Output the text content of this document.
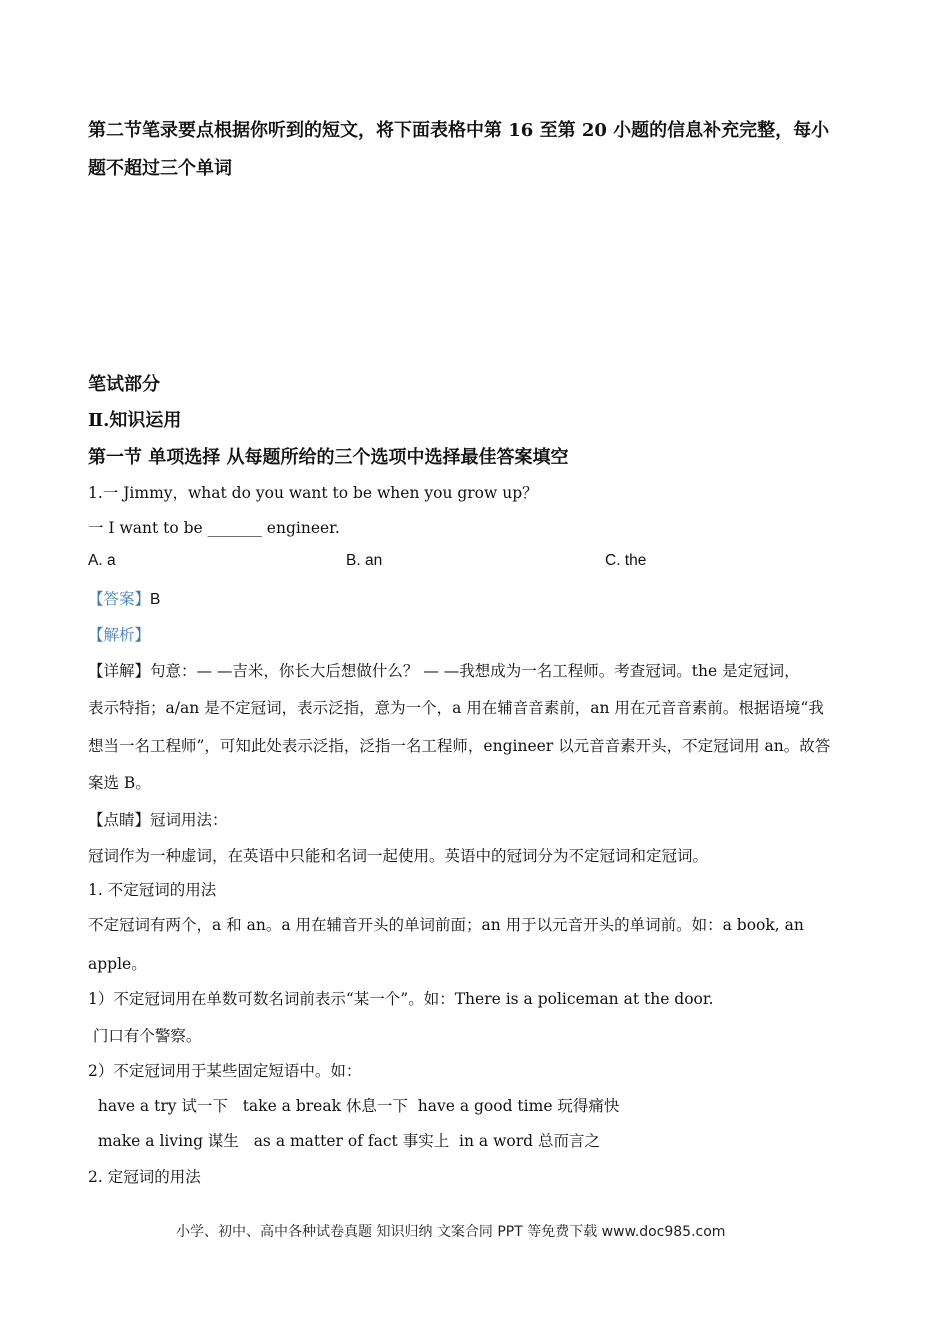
第二节笔录要点根据你听到的短文，将下面表格中第 16 至第 20 小题的信息补充完整，每小
题不超过三个单词
笔试部分
Ⅱ.知识运用
第一节 单项选择 从每题所给的三个选项中选择最佳答案填空
1.一 Jimmy，what do you want to be when you grow up？
一 I want to be _______ engineer.
A. a	B. an	C. the
【答案】B
【解析】
【详解】句意：— —吉米，你长大后想做什么？ — —我想成为一名工程师。考查冠词。the 是定冠词，
表示特指；a/an 是不定冠词，表示泛指，意为一个，a 用在辅音音素前，an 用在元音音素前。根据语境“我
想当一名工程师”，可知此处表示泛指，泛指一名工程师，engineer 以元音音素开头，不定冠词用 an。故答
案选 B。
【点睛】冠词用法：
冠词作为一种虚词，在英语中只能和名词一起使用。英语中的冠词分为不定冠词和定冠词。
1. 不定冠词的用法
不定冠词有两个，a 和 an。a 用在辅音开头的单词前面；an 用于以元音开头的单词前。如：a book, an
apple。
1）不定冠词用在单数可数名词前表示“某一个”。如：There is a policeman at the door.
门口有个警察。
2）不定冠词用于某些固定短语中。如：
have a try 试一下   take a break 休息一下  have a good time 玩得痛快
make a living 谋生   as a matter of fact 事实上  in a word 总而言之
2. 定冠词的用法
小学、初中、高中各种试卷真题 知识归纳 文案合同 PPT 等免费下载 www.doc985.com
